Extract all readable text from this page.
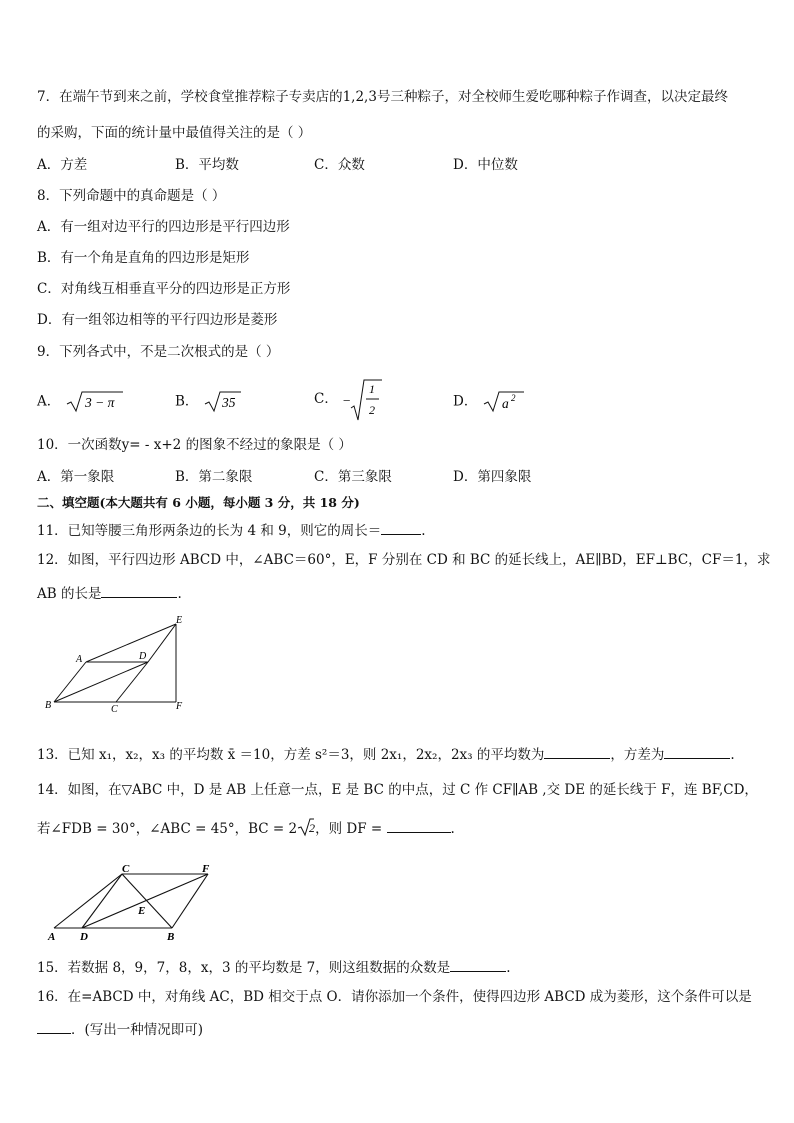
7．在端午节到来之前，学校食堂推荐粽子专卖店的1,2,3号三种粽子，对全校师生爱吃哪种粽子作调查，以决定最终
的采购，下面的统计量中最值得关注的是（ ）
A．方差	B．平均数	C．众数	D．中位数
8．下列命题中的真命题是（ ）
A．有一组对边平行的四边形是平行四边形
B．有一个角是直角的四边形是矩形
C．对角线互相垂直平分的四边形是正方形
D．有一组邻边相等的平行四边形是菱形
9．下列各式中，不是二次根式的是（ ）
A． 3 − π	B． 35	C． −
1
2
D． a 2
10．一次函数y= - x+2 的图象不经过的象限是（ ）
A．第一象限	B．第二象限	C．第三象限	D．第四象限
二、填空题(本大题共有 6 小题，每小题 3 分，共 18 分)
11．已知等腰三角形两条边的长为 4 和 9，则它的周长＝	.
12．如图，平行四边形 ABCD 中，∠ABC＝60°，E，F 分别在 CD 和 BC 的延长线上，AE∥BD，EF⊥BC，CF＝1，求
AB 的长是	.
A
B	C
D
E
F
13．已知 x₁，x₂，x₃ 的平均数 x̄ ＝10，方差 s²＝3，则 2x₁，2x₂，2x₃ 的平均数为	，方差为	.
14．如图，在▽ABC 中，D 是 AB 上任意一点，E 是 BC 的中点，过 C 作 CF∥AB ,交 DE 的延长线于 F，连 BF,CD，
若∠FDB = 30°，∠ABC = 45°，BC = 2 2 ，则 DF =	.
C	F
E
A D	B
15．若数据 8，9，7，8，x，3 的平均数是 7，则这组数据的众数是	.
16．在=ABCD 中，对角线 AC，BD 相交于点 O．请你添加一个条件，使得四边形 ABCD 成为菱形，这个条件可以是
．(写出一种情况即可)
